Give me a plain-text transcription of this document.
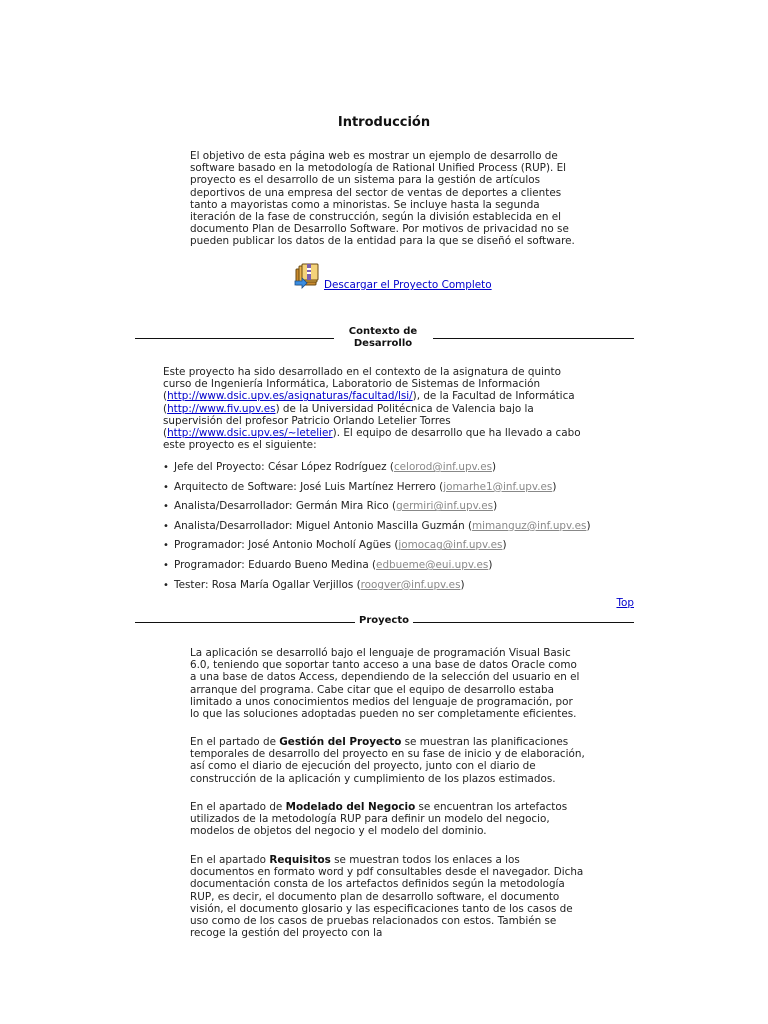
Introducción

El objetivo de esta página web es mostrar un ejemplo de desarrollo de software basado en la metodología de Rational Unified Process (RUP). El proyecto es el desarrollo de un sistema para la gestión de artículos deportivos de una empresa del sector de ventas de deportes a clientes tanto a mayoristas como a minoristas. Se incluye hasta la segunda iteración de la fase de construcción, según la división establecida en el documento Plan de Desarrollo Software. Por motivos de privacidad no se pueden publicar los datos de la entidad para la que se diseñó el software.

Descargar el Proyecto Completo
Contexto de
Desarrollo

Este proyecto ha sido desarrollado en el contexto de la asignatura de quinto curso de Ingeniería Informática, Laboratorio de Sistemas de Información (http://www.dsic.upv.es/asignaturas/facultad/lsi/), de la Facultad de Informática (http://www.fiv.upv.es) de la Universidad Politécnica de Valencia bajo la supervisión del profesor Patricio Orlando Letelier Torres (http://www.dsic.upv.es/~letelier). El equipo de desarrollo que ha llevado a cabo este proyecto es el siguiente:

• Jefe del Proyecto: César López Rodríguez (celorod@inf.upv.es)
• Arquitecto de Software: José Luis Martínez Herrero (jomarhe1@inf.upv.es)
• Analista/Desarrollador: Germán Mira Rico (germiri@inf.upv.es)
• Analista/Desarrollador: Miguel Antonio Mascilla Guzmán (mimanguz@inf.upv.es)
• Programador: José Antonio Mocholí Agües (jomocag@inf.upv.es)
• Programador: Eduardo Bueno Medina (edbueme@eui.upv.es)
• Tester: Rosa María Ogallar Verjillos (roogver@inf.upv.es)
Top
Proyecto

La aplicación se desarrolló bajo el lenguaje de programación Visual Basic 6.0, teniendo que soportar tanto acceso a una base de datos Oracle como a una base de datos Access, dependiendo de la selección del usuario en el arranque del programa. Cabe citar que el equipo de desarrollo estaba limitado a unos conocimientos medios del lenguaje de programación, por lo que las soluciones adoptadas pueden no ser completamente eficientes.

En el partado de Gestión del Proyecto se muestran las planificaciones temporales de desarrollo del proyecto en su fase de inicio y de elaboración, así como el diario de ejecución del proyecto, junto con el diario de construcción de la aplicación y cumplimiento de los plazos estimados.

En el apartado de Modelado del Negocio se encuentran los artefactos utilizados de la metodología RUP para definir un modelo del negocio, modelos de objetos del negocio y el modelo del dominio.

En el apartado Requisitos se muestran todos los enlaces a los documentos en formato word y pdf consultables desde el navegador. Dicha documentación consta de los artefactos definidos según la metodología RUP, es decir, el documento plan de desarrollo software, el documento visión, el documento glosario y las especificaciones tanto de los casos de uso como de los casos de pruebas relacionados con estos. También se recoge la gestión del proyecto con la
